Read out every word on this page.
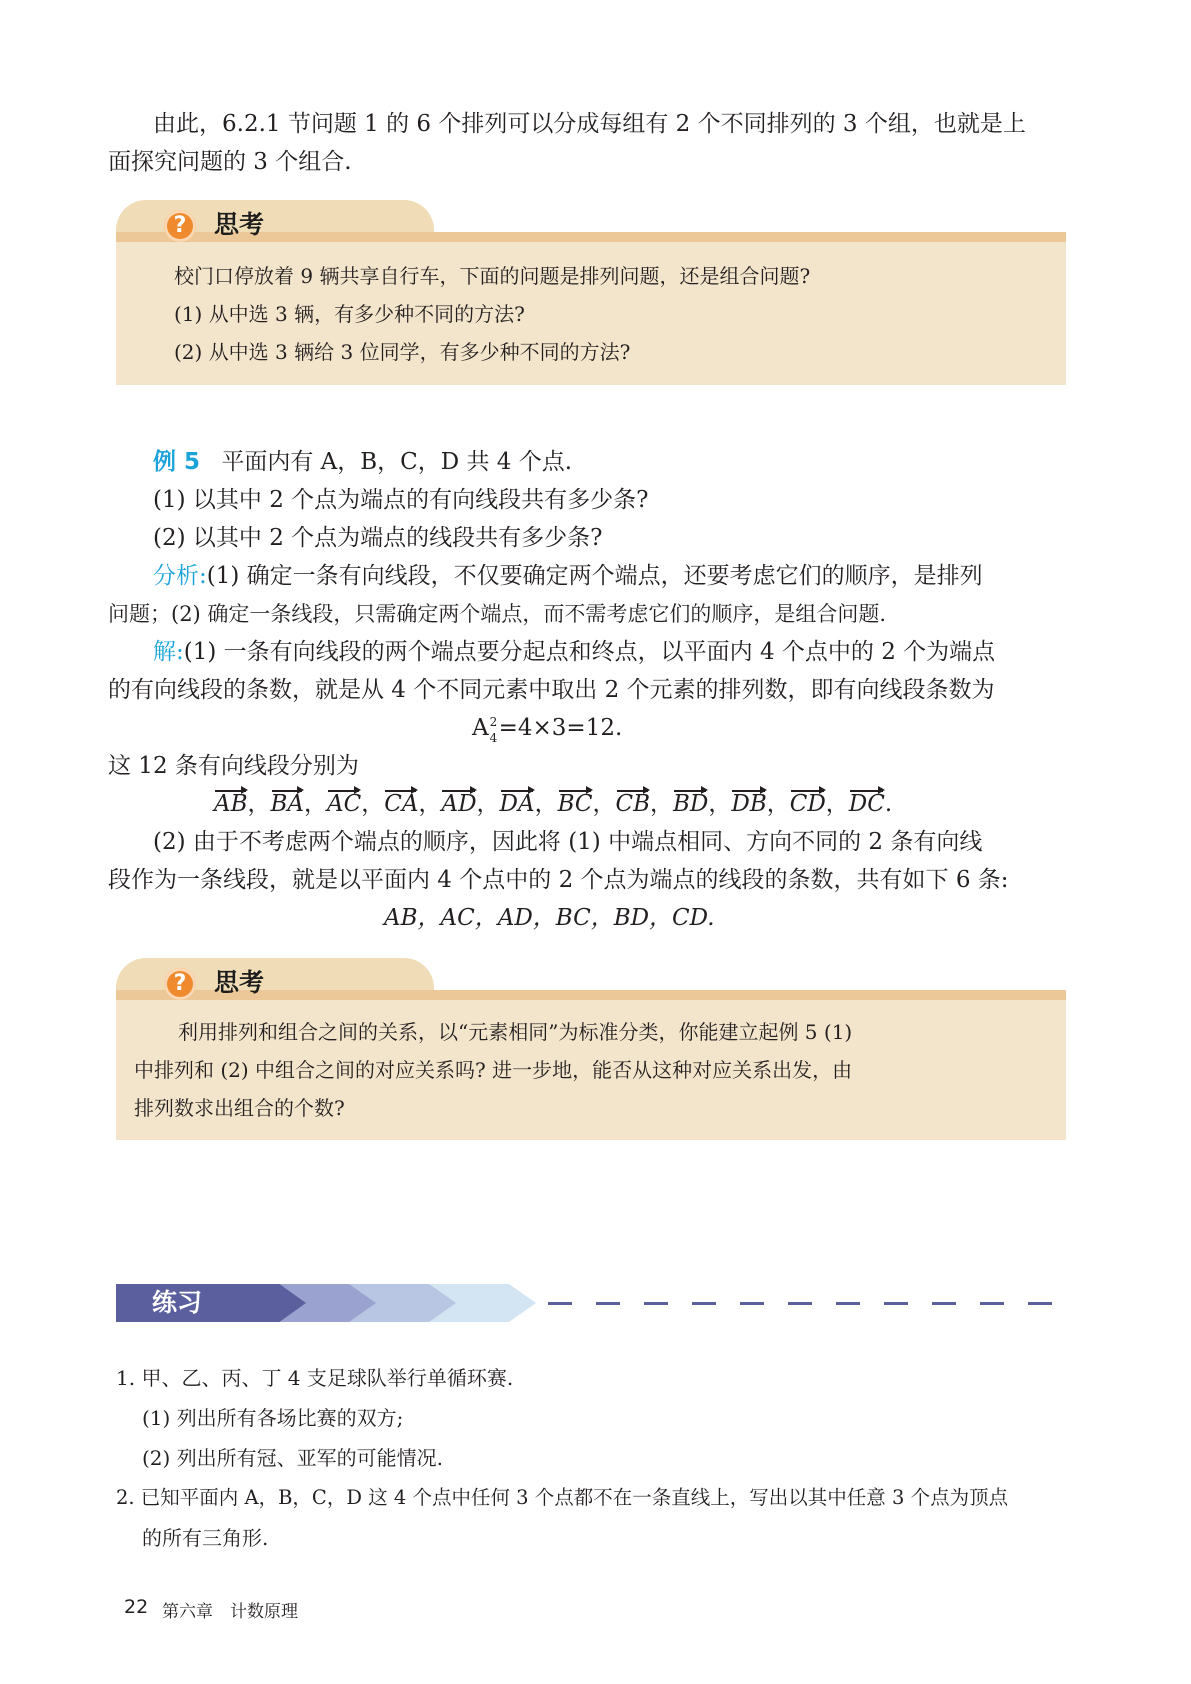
由此，6.2.1 节问题 1 的 6 个排列可以分成每组有 2 个不同排列的 3 个组，也就是上
面探究问题的 3 个组合.
?	思考
校门口停放着 9 辆共享自行车，下面的问题是排列问题，还是组合问题?
(1) 从中选 3 辆，有多少种不同的方法?
(2) 从中选 3 辆给 3 位同学，有多少种不同的方法?
例 5 平面内有 A，B，C，D 共 4 个点.
(1) 以其中 2 个点为端点的有向线段共有多少条?
(2) 以其中 2 个点为端点的线段共有多少条?
分析:(1) 确定一条有向线段，不仅要确定两个端点，还要考虑它们的顺序，是排列
问题；(2) 确定一条线段，只需确定两个端点，而不需考虑它们的顺序，是组合问题.
解:(1) 一条有向线段的两个端点要分起点和终点，以平面内 4 个点中的 2 个为端点
的有向线段的条数，就是从 4 个不同元素中取出 2 个元素的排列数，即有向线段条数为
A 2
4 =4×3=12.
这 12 条有向线段分别为
AB，BA，AC，CA，AD，DA，BC，CB，BD，DB，CD，DC.
(2) 由于不考虑两个端点的顺序，因此将 (1) 中端点相同、方向不同的 2 条有向线
段作为一条线段，就是以平面内 4 个点中的 2 个点为端点的线段的条数，共有如下 6 条:
AB，AC，AD，BC，BD，CD.
?	思考
利用排列和组合之间的关系，以“元素相同”为标准分类，你能建立起例 5 (1)
中排列和 (2) 中组合之间的对应关系吗? 进一步地，能否从这种对应关系出发，由
排列数求出组合的个数?
练习
1. 甲、乙、丙、丁 4 支足球队举行单循环赛.
(1) 列出所有各场比赛的双方;
(2) 列出所有冠、亚军的可能情况.
2. 已知平面内 A，B，C，D 这 4 个点中任何 3 个点都不在一条直线上，写出以其中任意 3 个点为顶点
的所有三角形.
22 第六章　计数原理
